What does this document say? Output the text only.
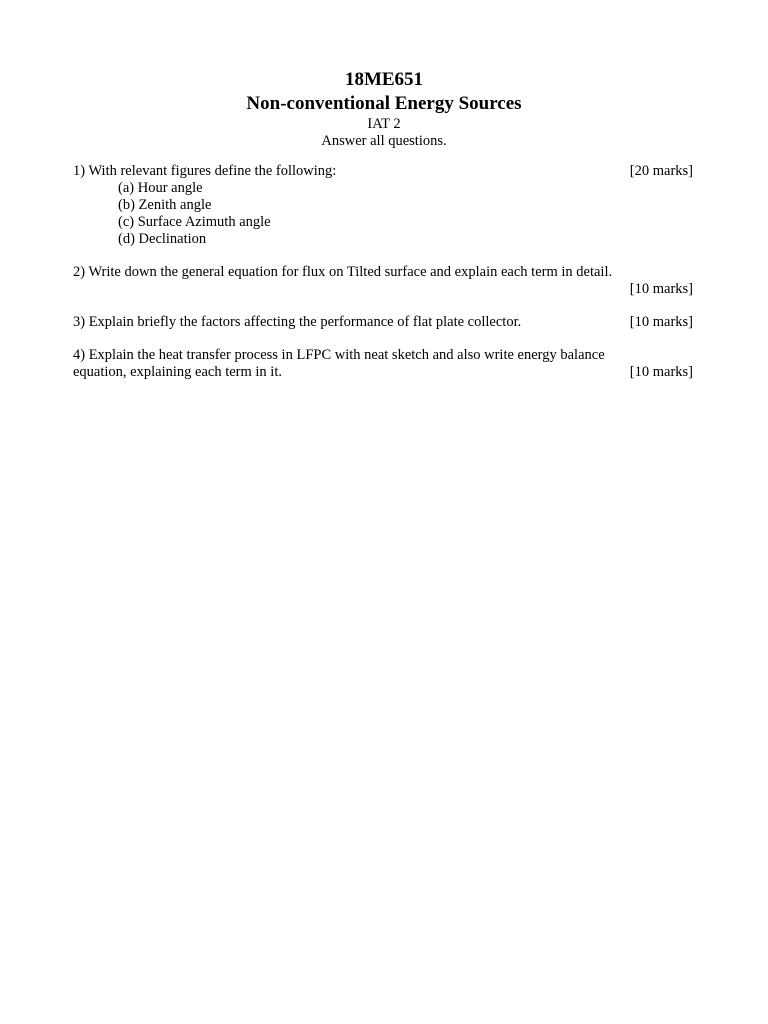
18ME651
Non-conventional Energy Sources
IAT 2
Answer all questions.
1) With relevant figures define the following:	[20 marks]
(a) Hour angle
(b) Zenith angle
(c) Surface Azimuth angle
(d) Declination
2) Write down the general equation for flux on Tilted surface and explain each term in detail.
[10 marks]
3) Explain briefly the factors affecting the performance of flat plate collector.	[10 marks]
4) Explain the heat transfer process in LFPC with neat sketch and also write energy balance
equation, explaining each term in it.	[10 marks]
